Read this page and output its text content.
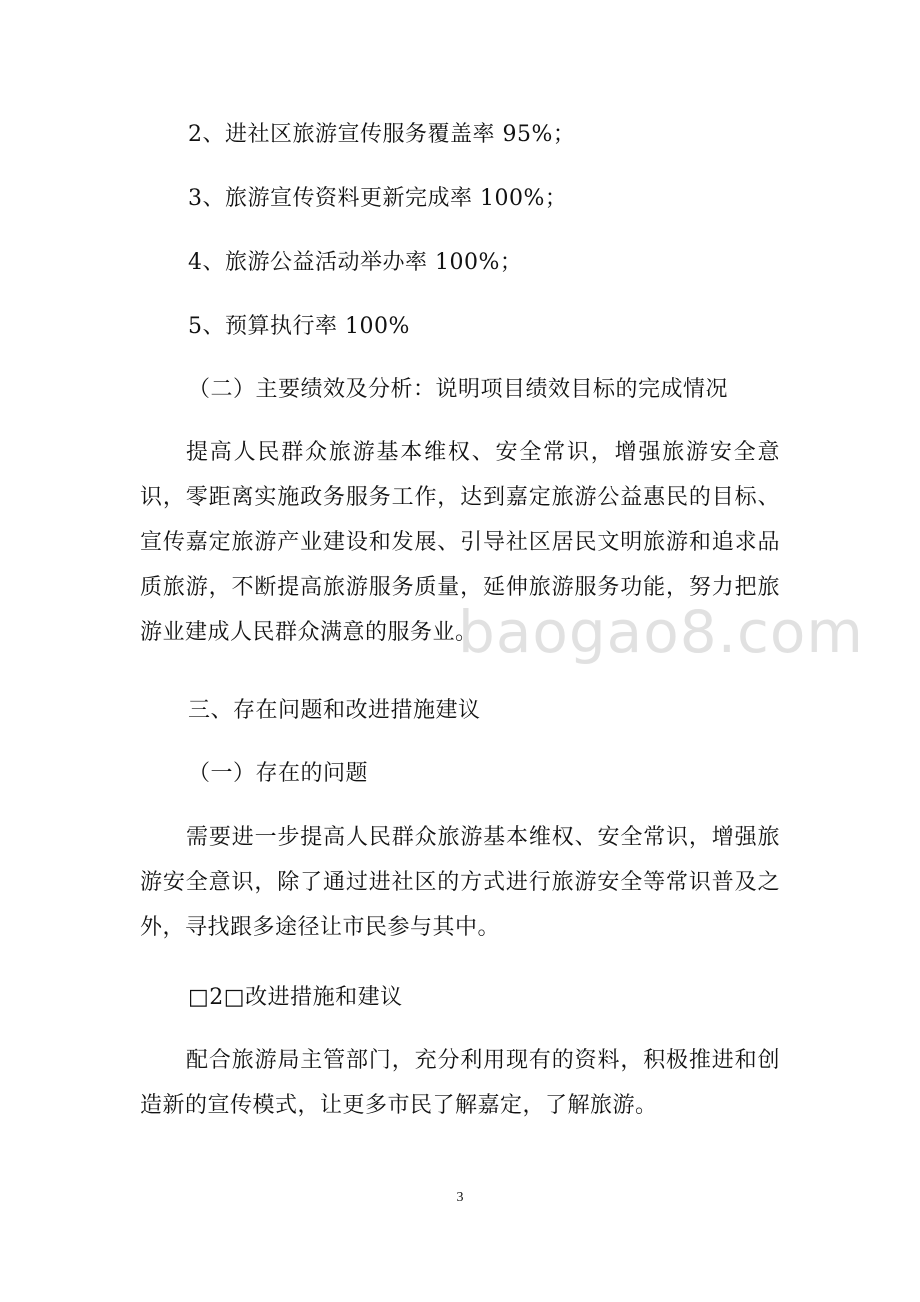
2、进社区旅游宣传服务覆盖率 95%；
3、旅游宣传资料更新完成率 100%；
4、旅游公益活动举办率 100%；
5、预算执行率 100%
（二）主要绩效及分析：说明项目绩效目标的完成情况
提高人民群众旅游基本维权、安全常识，增强旅游安全意识，零距离实施政务服务工作，达到嘉定旅游公益惠民的目标、宣传嘉定旅游产业建设和发展、引导社区居民文明旅游和追求品质旅游，不断提高旅游服务质量，延伸旅游服务功能，努力把旅游业建成人民群众满意的服务业。
三、存在问题和改进措施建议
（一）存在的问题
需要进一步提高人民群众旅游基本维权、安全常识，增强旅游安全意识，除了通过进社区的方式进行旅游安全等常识普及之外，寻找跟多途径让市民参与其中。
□2□改进措施和建议
配合旅游局主管部门，充分利用现有的资料，积极推进和创造新的宣传模式，让更多市民了解嘉定，了解旅游。
baogao8.com
3
